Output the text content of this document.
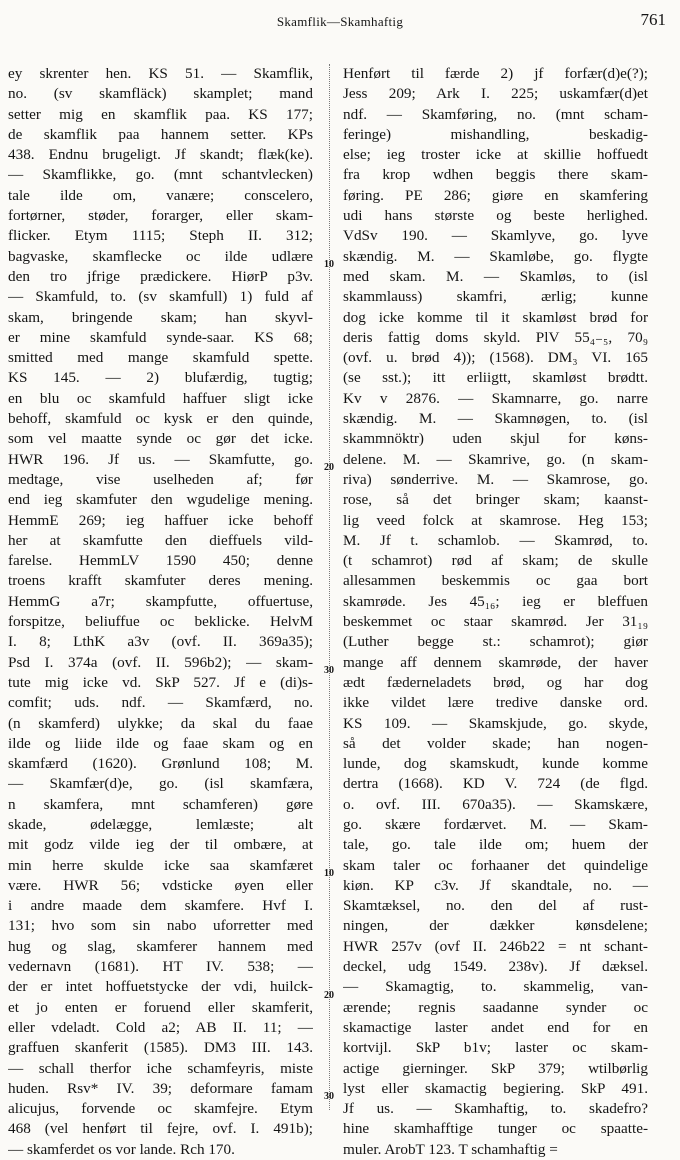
Skamflik—Skamhaftig	761
ey skrenter hen. KS 51. — Skamflik,
no. (sv skamfläck) skamplet; mand
setter mig en skamflik paa. KS 177;
de skamflik paa hannem setter. KPs
438. Endnu brugeligt. Jf skandt; flæk(ke).
— Skamflikke, go. (mnt schantvlecken)
tale ilde om, vanære; conscelero,
fortørner, støder, forarger, eller skam-
flicker. Etym 1115; Steph II. 312;
bagvaske, skamflecke oc ilde udlære
den tro jfrige prædickere. HiørP p3v.
— Skamfuld, to. (sv skamfull) 1) fuld af
skam, bringende skam; han skyvl-
er mine skamfuld synde-saar. KS 68;
smitted med mange skamfuld spette.
KS 145. — 2) blufærdig, tugtig;
en blu oc skamfuld haffuer sligt icke
behoff, skamfuld oc kysk er den quinde,
som vel maatte synde oc gør det icke.
HWR 196. Jf us. — Skamfutte, go.
medtage, vise uselheden af; før
end ieg skamfuter den wgudelige mening.
HemmE 269; ieg haffuer icke behoff
her at skamfutte den dieffuels vild-
farelse. HemmLV 1590 450; denne
troens krafft skamfuter deres mening.
HemmG a7r; skampfutte, offuertuse,
forspitze, beliuffue oc beklicke. HelvM
I. 8; LthK a3v (ovf. II. 369a35);
Psd I. 374a (ovf. II. 596b2); — skam-
tute mig icke vd. SkP 527. Jf e (di)s-
comfit; uds. ndf. — Skamfærd, no.
(n skamferd) ulykke; da skal du faae
ilde og liide ilde og faae skam og en
skamfærd (1620). Grønlund 108; M.
— Skamfær(d)e, go. (isl skamfæra,
n skamfera, mnt schamferen) gøre
skade, ødelægge, lemlæste; alt
mit godz vilde ieg der til ombære, at
min herre skulde icke saa skamfæret
være. HWR 56; vdsticke øyen eller
i andre maade dem skamfere. Hvf I.
131; hvo som sin nabo uforretter med
hug og slag, skamferer hannem med
vedernavn (1681). HT IV. 538; —
der er intet hoffuetstycke der vdi, huilck-
et jo enten er foruend eller skamferit,
eller vdeladt. Cold a2; AB II. 11; —
graffuen skanferit (1585). DM3 III. 143.
— schall therfor iche schamfeyris, miste
huden. Rsv* IV. 39; deformare famam
alicujus, forvende oc skamfejre. Etym
468 (vel henført til fejre, ovf. I. 491b);
— skamferdet os vor lande. Rch 170.
10
20
30
10
20
30
Henført til færde 2) jf forfær(d)e(?);
Jess 209; Ark I. 225; uskamfær(d)et
ndf. — Skamføring, no. (mnt scham-
feringe) mishandling, beskadig-
else; ieg troster icke at skillie hoffuedt
fra krop wdhen beggis there skam-
føring. PE 286; giøre en skamfering
udi hans største og beste herlighed.
VdSv 190. — Skamlyve, go. lyve
skændig. M. — Skamløbe, go. flygte
med skam. M. — Skamløs, to (isl
skammlauss) skamfri, ærlig; kunne
dog icke komme til it skamløst brød for
deris fattig doms skyld. PlV 55₄₋₅, 70₉
(ovf. u. brød 4)); (1568). DM₃ VI. 165
(se sst.); itt erliigtt, skamløst brødtt.
Kv v 2876. — Skamnarre, go. narre
skændig. M. — Skamnøgen, to. (isl
skammnöktr) uden skjul for køns-
delene. M. — Skamrive, go. (n skam-
riva) sønderrive. M. — Skamrose, go.
rose, så det bringer skam; kaanst-
lig veed folck at skamrose. Heg 153;
M. Jf t. schamlob. — Skamrød, to.
(t schamrot) rød af skam; de skulle
allesammen beskemmis oc gaa bort
skamrøde. Jes 45₁₆; ieg er bleffuen
beskemmet oc staar skamrød. Jer 31₁₉
(Luther begge st.: schamrot); giør
mange aff dennem skamrøde, der haver
ædt fæderneladets brød, og har dog
ikke vildet lære tredive danske ord.
KS 109. — Skamskjude, go. skyde,
så det volder skade; han nogen-
lunde, dog skamskudt, kunde komme
dertra (1668). KD V. 724 (de flgd.
o. ovf. III. 670a35). — Skamskære,
go. skære fordærvet. M. — Skam-
tale, go. tale ilde om; huem der
skam taler oc forhaaner det quindelige
kiøn. KP c3v. Jf skandtale, no. —
Skamtæksel, no. den del af rust-
ningen, der dækker kønsdelene;
HWR 257v (ovf II. 246b22 = nt schant-
deckel, udg 1549. 238v). Jf dæksel.
— Skamagtig, to. skammelig, van-
ærende; regnis saadanne synder oc
skamactige laster andet end for en
kortvijl. SkP b1v; laster oc skam-
actige gierninger. SkP 379; wtilbørlig
lyst eller skamactig begiering. SkP 491.
Jf us. — Skamhaftig, to. skadefro?
hine skamhafftige tunger oc spaatte-
muler. ArobT 123. T schamhaftig =
